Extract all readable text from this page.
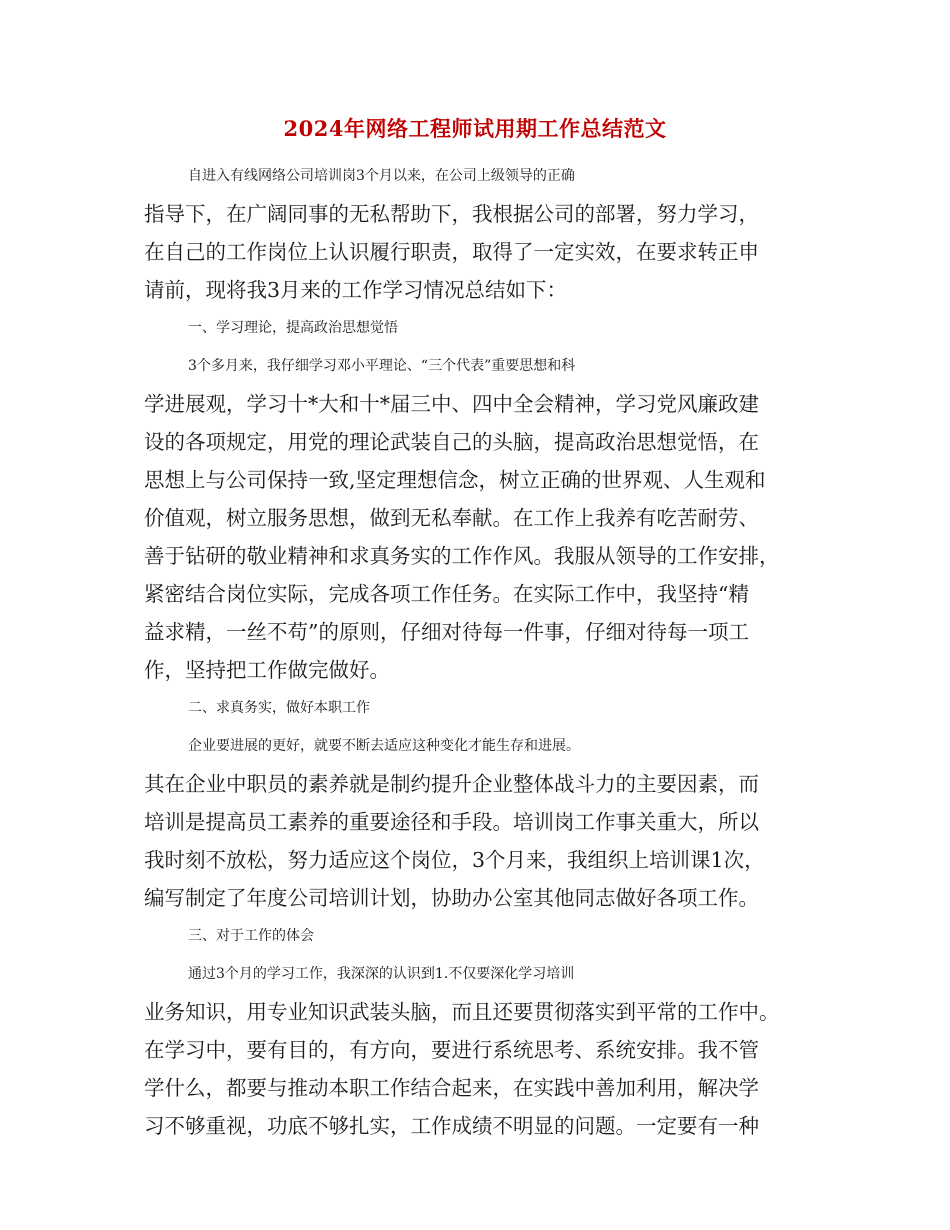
2024年网络工程师试用期工作总结范文

自进入有线网络公司培训岗3个月以来，在公司上级领导的正确

指导下，在广阔同事的无私帮助下，我根据公司的部署，努力学习，

在自己的工作岗位上认识履行职责，取得了一定实效，在要求转正申

请前，现将我3月来的工作学习情况总结如下：

一、学习理论，提高政治思想觉悟

3个多月来，我仔细学习邓小平理论、“三个代表”重要思想和科

学进展观，学习十*大和十*届三中、四中全会精神，学习党风廉政建

设的各项规定，用党的理论武装自己的头脑，提高政治思想觉悟，在

思想上与公司保持一致,坚定理想信念，树立正确的世界观、人生观和

价值观，树立服务思想，做到无私奉献。在工作上我养有吃苦耐劳、

善于钻研的敬业精神和求真务实的工作作风。我服从领导的工作安排，

紧密结合岗位实际，完成各项工作任务。在实际工作中，我坚持“精

益求精，一丝不苟”的原则，仔细对待每一件事，仔细对待每一项工

作，坚持把工作做完做好。

二、求真务实，做好本职工作

企业要进展的更好，就要不断去适应这种变化才能生存和进展。

其在企业中职员的素养就是制约提升企业整体战斗力的主要因素，而

培训是提高员工素养的重要途径和手段。培训岗工作事关重大，所以

我时刻不放松，努力适应这个岗位，3个月来，我组织上培训课1次，

编写制定了年度公司培训计划，协助办公室其他同志做好各项工作。

三、对于工作的体会

通过3个月的学习工作，我深深的认识到1.不仅要深化学习培训

业务知识，用专业知识武装头脑，而且还要贯彻落实到平常的工作中。

在学习中，要有目的，有方向，要进行系统思考、系统安排。我不管

学什么，都要与推动本职工作结合起来，在实践中善加利用，解决学

习不够重视，功底不够扎实，工作成绩不明显的问题。一定要有一种
